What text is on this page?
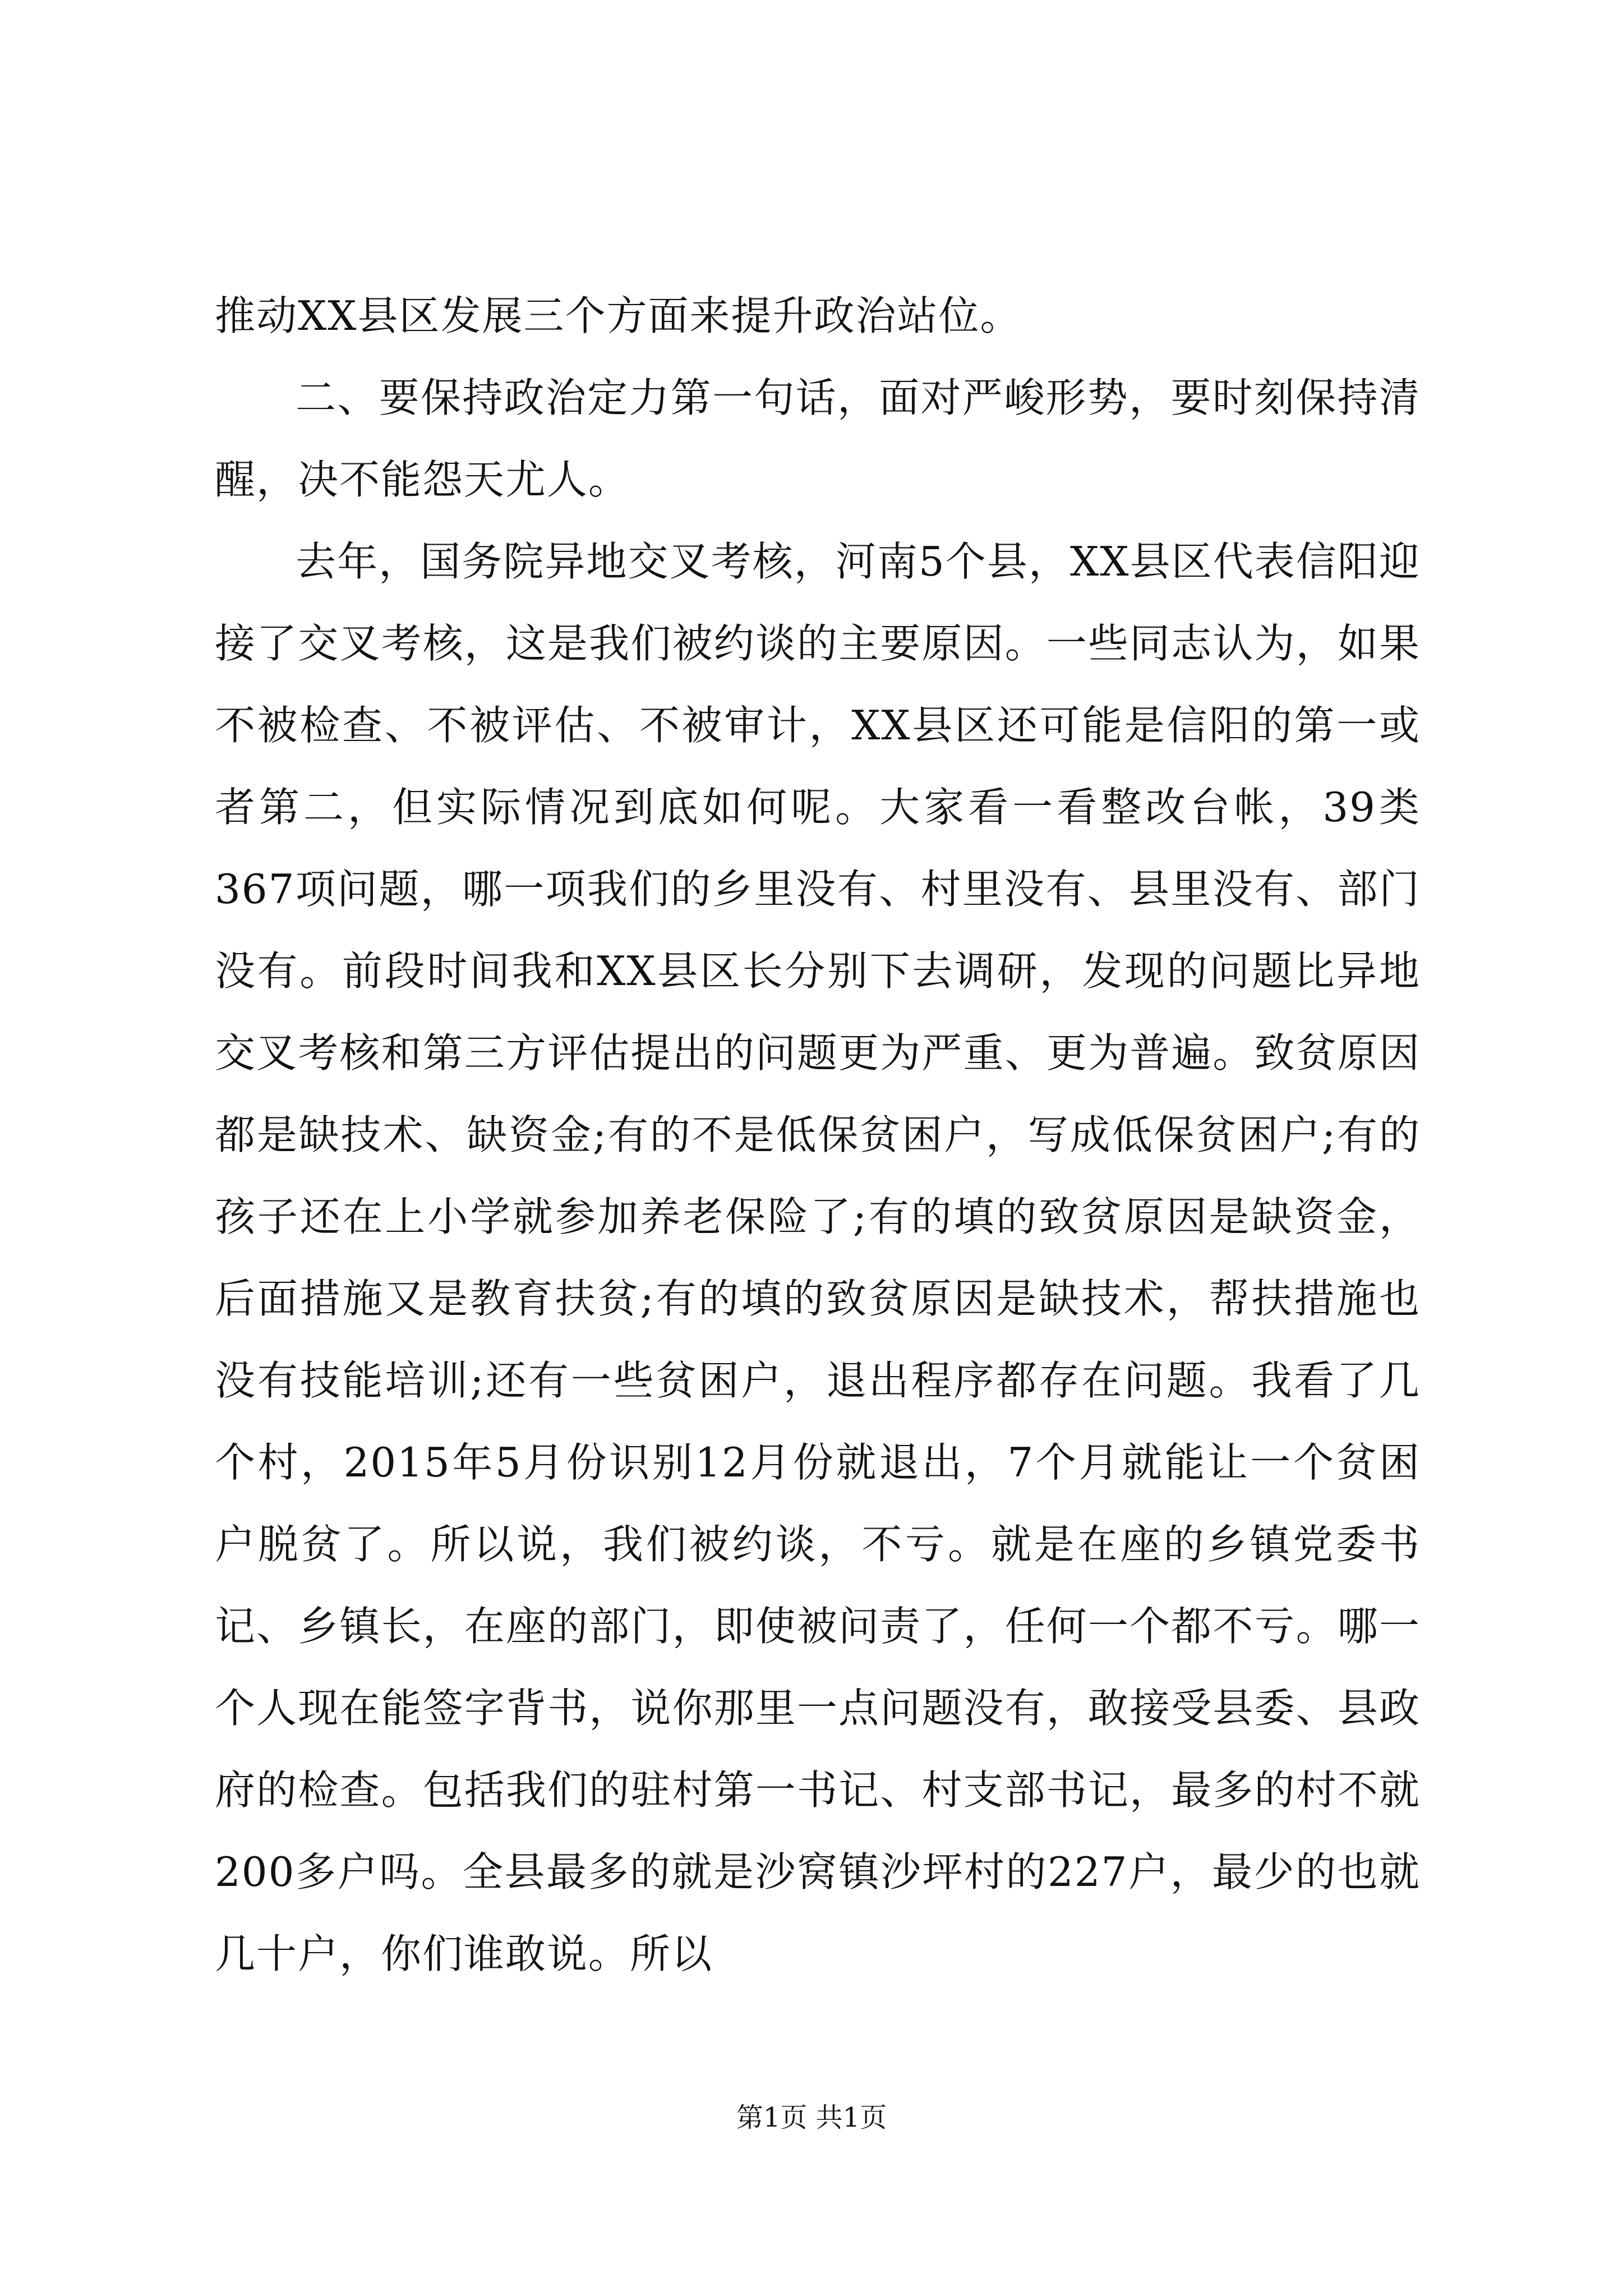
推动XX县区发展三个方面来提升政治站位。

二、要保持政治定力第一句话，面对严峻形势，要时刻保持清醒，决不能怨天尤人。

去年，国务院异地交叉考核，河南5个县，XX县区代表信阳迎接了交叉考核，这是我们被约谈的主要原因。一些同志认为，如果不被检查、不被评估、不被审计，XX县区还可能是信阳的第一或者第二，但实际情况到底如何呢。大家看一看整改台帐，39类367项问题，哪一项我们的乡里没有、村里没有、县里没有、部门没有。前段时间我和XX县区长分别下去调研，发现的问题比异地交叉考核和第三方评估提出的问题更为严重、更为普遍。致贫原因都是缺技术、缺资金;有的不是低保贫困户，写成低保贫困户;有的孩子还在上小学就参加养老保险了;有的填的致贫原因是缺资金，后面措施又是教育扶贫;有的填的致贫原因是缺技术，帮扶措施也没有技能培训;还有一些贫困户，退出程序都存在问题。我看了几个村，2015年5月份识别12月份就退出，7个月就能让一个贫困户脱贫了。所以说，我们被约谈，不亏。就是在座的乡镇党委书记、乡镇长，在座的部门，即使被问责了，任何一个都不亏。哪一个人现在能签字背书，说你那里一点问题没有，敢接受县委、县政府的检查。包括我们的驻村第一书记、村支部书记，最多的村不就200多户吗。全县最多的就是沙窝镇沙坪村的227户，最少的也就几十户，你们谁敢说。所以

第1页 共1页
